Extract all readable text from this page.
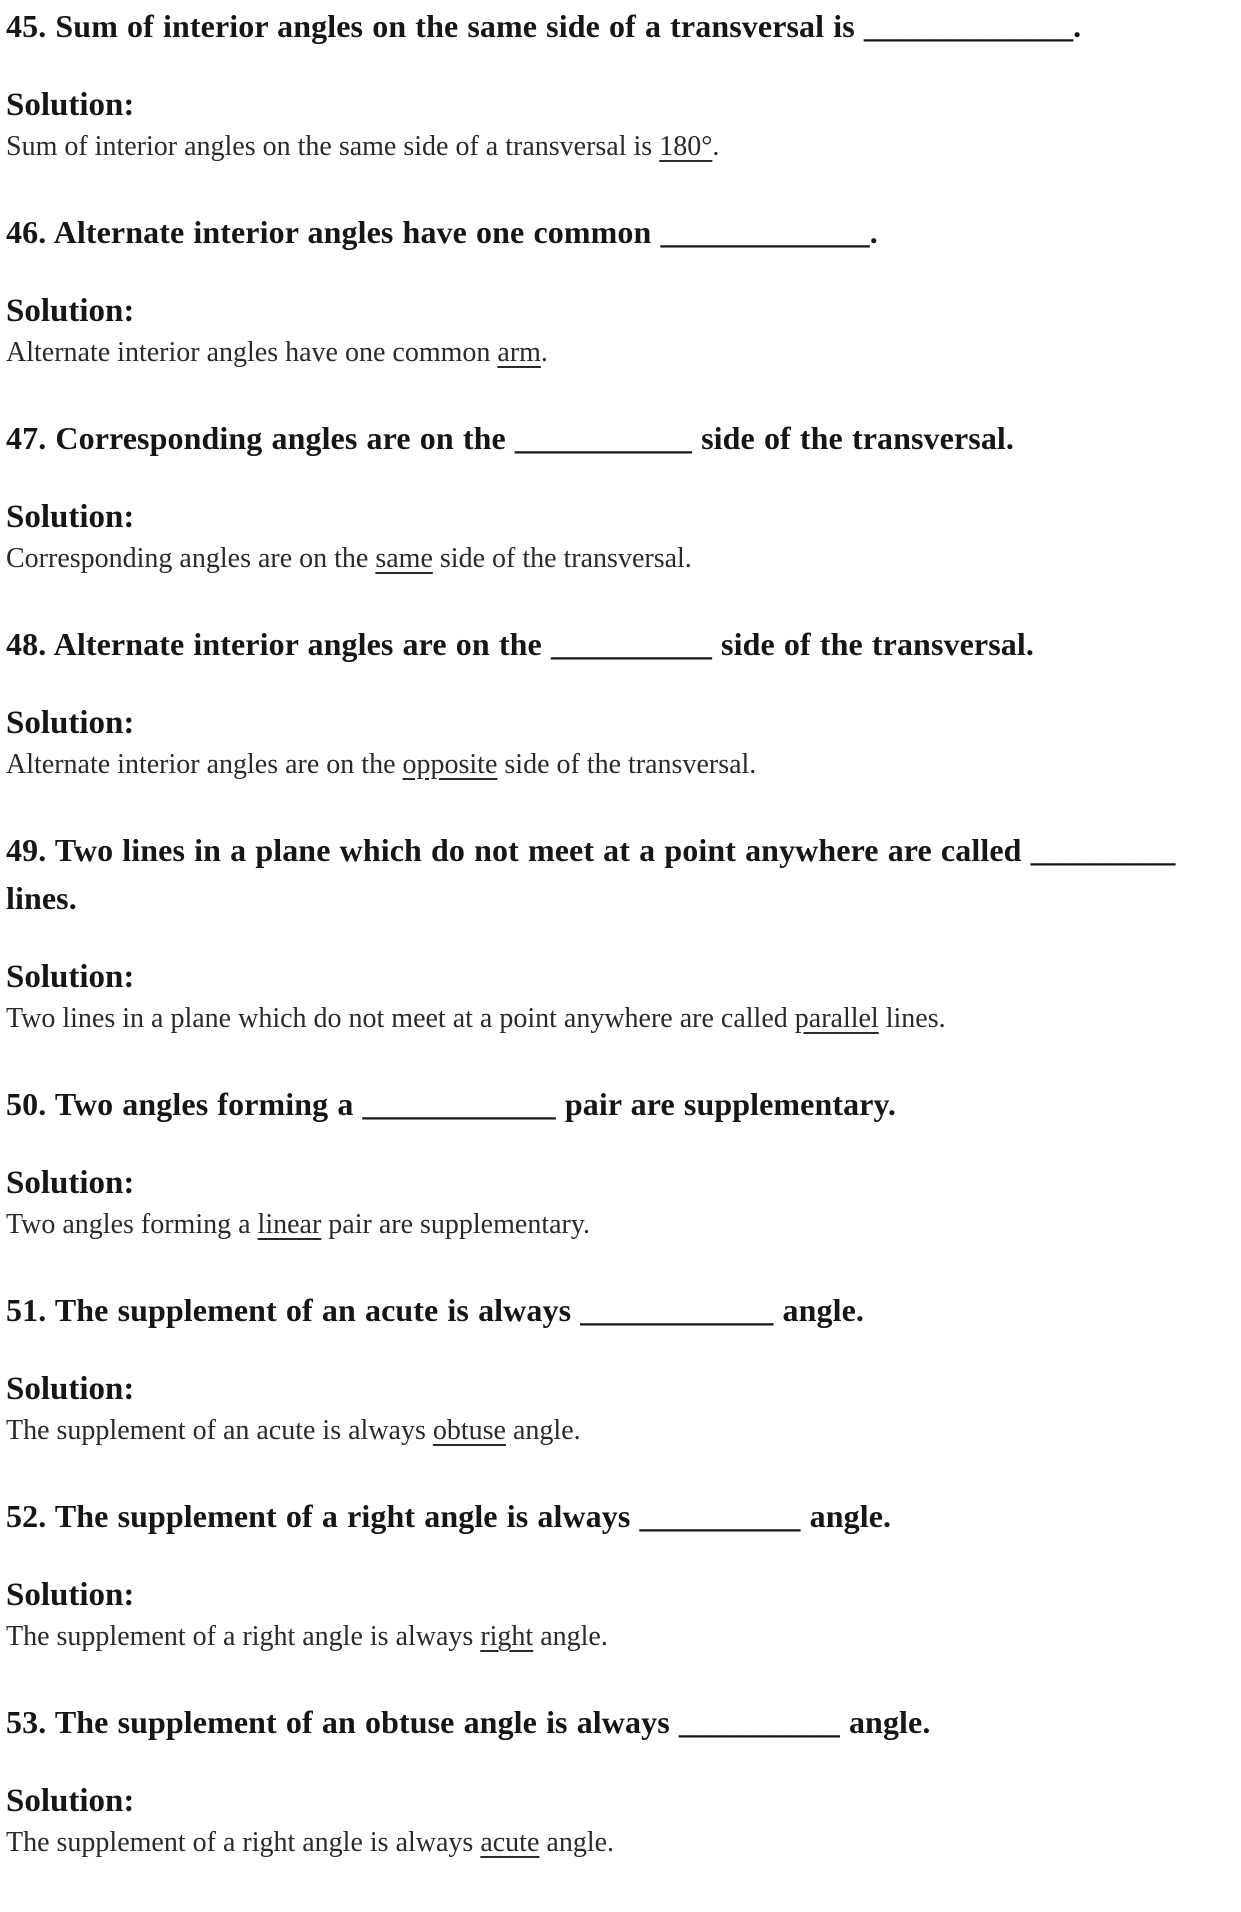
45. Sum of interior angles on the same side of a transversal is _____________.
Solution:

Sum of interior angles on the same side of a transversal is 180°.

46. Alternate interior angles have one common _____________.
Solution:

Alternate interior angles have one common arm.

47. Corresponding angles are on the ___________ side of the transversal.
Solution:

Corresponding angles are on the same side of the transversal.

48. Alternate interior angles are on the __________ side of the transversal.
Solution:

Alternate interior angles are on the opposite side of the transversal.

49. Two lines in a plane which do not meet at a point anywhere are called _________ lines.
Solution:

Two lines in a plane which do not meet at a point anywhere are called parallel lines.

50. Two angles forming a ____________ pair are supplementary.
Solution:

Two angles forming a linear pair are supplementary.

51. The supplement of an acute is always ____________ angle.
Solution:

The supplement of an acute is always obtuse angle.

52. The supplement of a right angle is always __________ angle.
Solution:

The supplement of a right angle is always right angle.

53. The supplement of an obtuse angle is always __________ angle.
Solution:

The supplement of a right angle is always acute angle.
